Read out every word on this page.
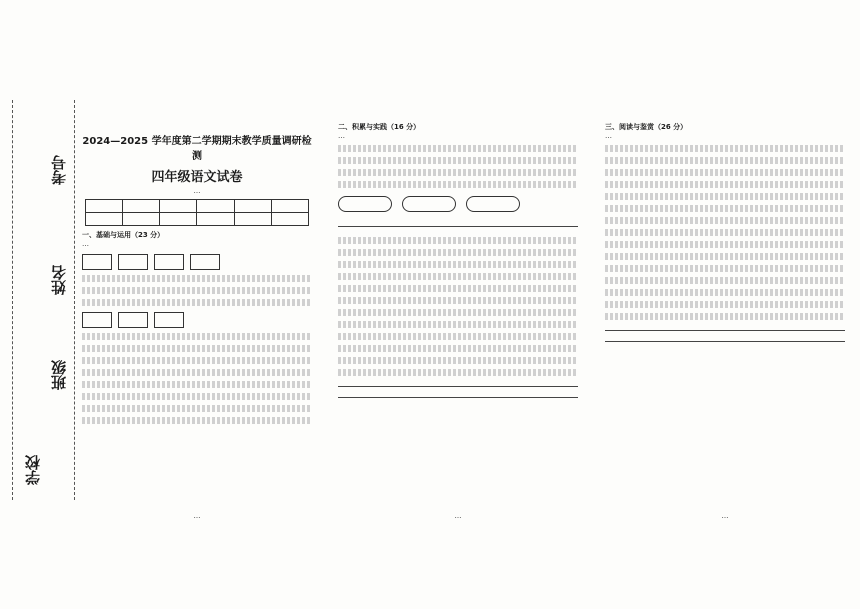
学校
班级
姓名
考号
2024—2025 学年度第二学期期末教学质量调研检测
四年级语文试卷
…

一、基础与运用（23 分）
…
…
二、积累与实践（16 分）
…
…
三、阅读与鉴赏（26 分）
…
…
